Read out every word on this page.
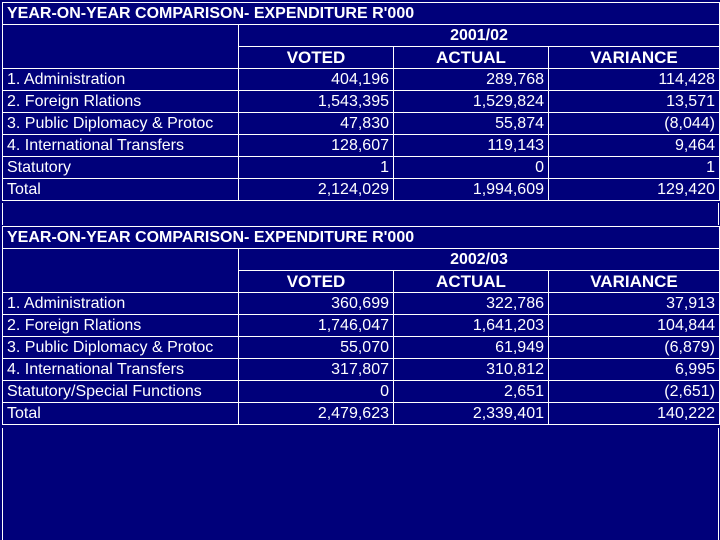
YEAR-ON-YEAR COMPARISON- EXPENDITURE R'000			
	2001/02		
	VOTED	ACTUAL	VARIANCE
1. Administration	404,196	289,768	114,428
2. Foreign Rlations	1,543,395	1,529,824	13,571
3. Public Diplomacy & Protoc	47,830	55,874	(8,044)
4. International Transfers	128,607	119,143	9,464
Statutory	1	0	1
Total	2,124,029	1,994,609	129,420
YEAR-ON-YEAR COMPARISON- EXPENDITURE R'000			
	2002/03		
	VOTED	ACTUAL	VARIANCE
1. Administration	360,699	322,786	37,913
2. Foreign Rlations	1,746,047	1,641,203	104,844
3. Public Diplomacy & Protoc	55,070	61,949	(6,879)
4. International Transfers	317,807	310,812	6,995
Statutory/Special Functions	0	2,651	(2,651)
Total	2,479,623	2,339,401	140,222
